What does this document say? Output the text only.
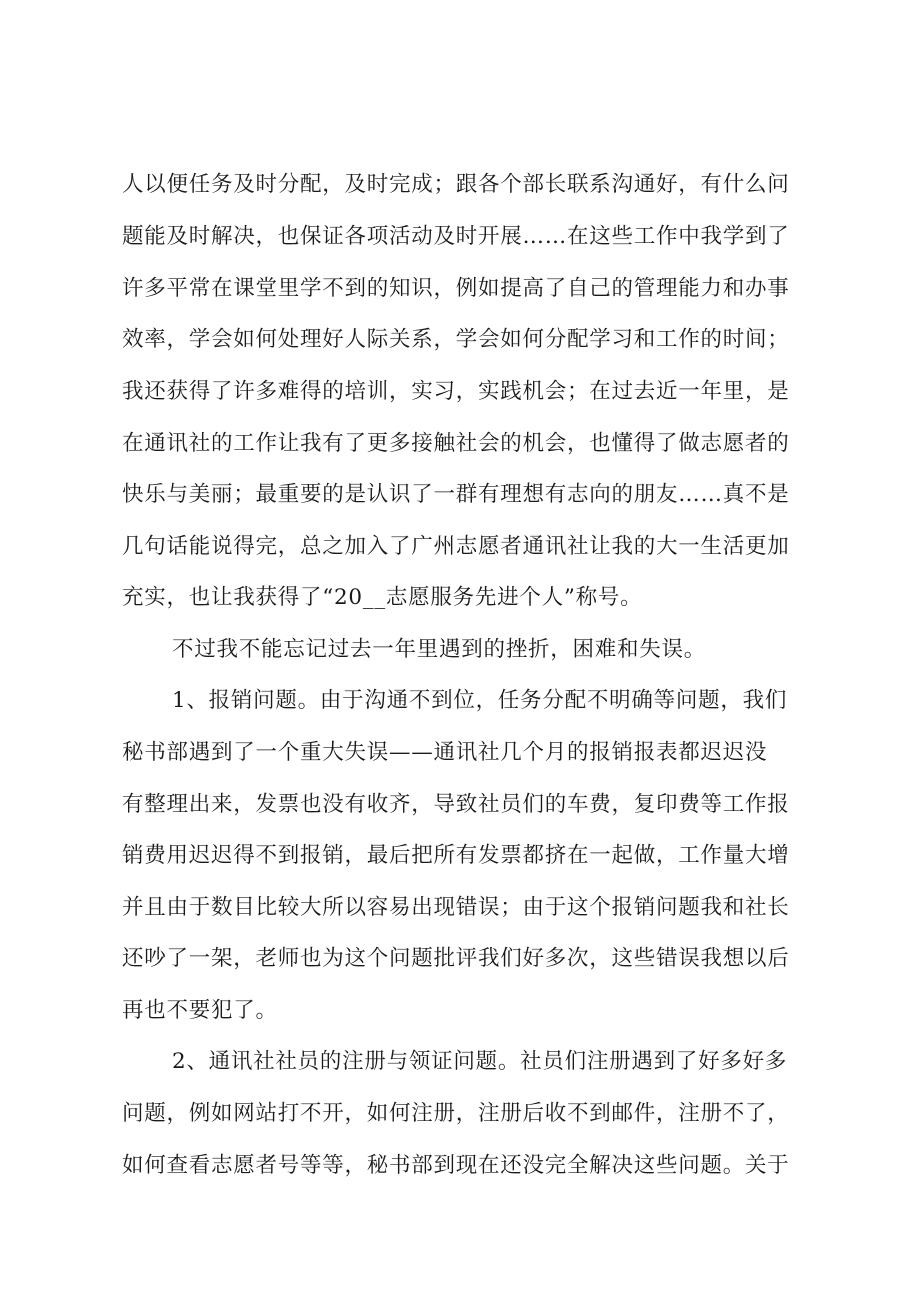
人以便任务及时分配，及时完成；跟各个部长联系沟通好，有什么问
题能及时解决，也保证各项活动及时开展……在这些工作中我学到了
许多平常在课堂里学不到的知识，例如提高了自己的管理能力和办事
效率，学会如何处理好人际关系，学会如何分配学习和工作的时间；
我还获得了许多难得的培训，实习，实践机会；在过去近一年里，是
在通讯社的工作让我有了更多接触社会的机会，也懂得了做志愿者的
快乐与美丽；最重要的是认识了一群有理想有志向的朋友……真不是
几句话能说得完，总之加入了广州志愿者通讯社让我的大一生活更加
充实，也让我获得了“20__志愿服务先进个人”称号。
不过我不能忘记过去一年里遇到的挫折，困难和失误。
1、报销问题。由于沟通不到位，任务分配不明确等问题，我们
秘书部遇到了一个重大失误——通讯社几个月的报销报表都迟迟没
有整理出来，发票也没有收齐，导致社员们的车费，复印费等工作报
销费用迟迟得不到报销，最后把所有发票都挤在一起做，工作量大增
并且由于数目比较大所以容易出现错误；由于这个报销问题我和社长
还吵了一架，老师也为这个问题批评我们好多次，这些错误我想以后
再也不要犯了。
2、通讯社社员的注册与领证问题。社员们注册遇到了好多好多
问题，例如网站打不开，如何注册，注册后收不到邮件，注册不了，
如何查看志愿者号等等，秘书部到现在还没完全解决这些问题。关于
